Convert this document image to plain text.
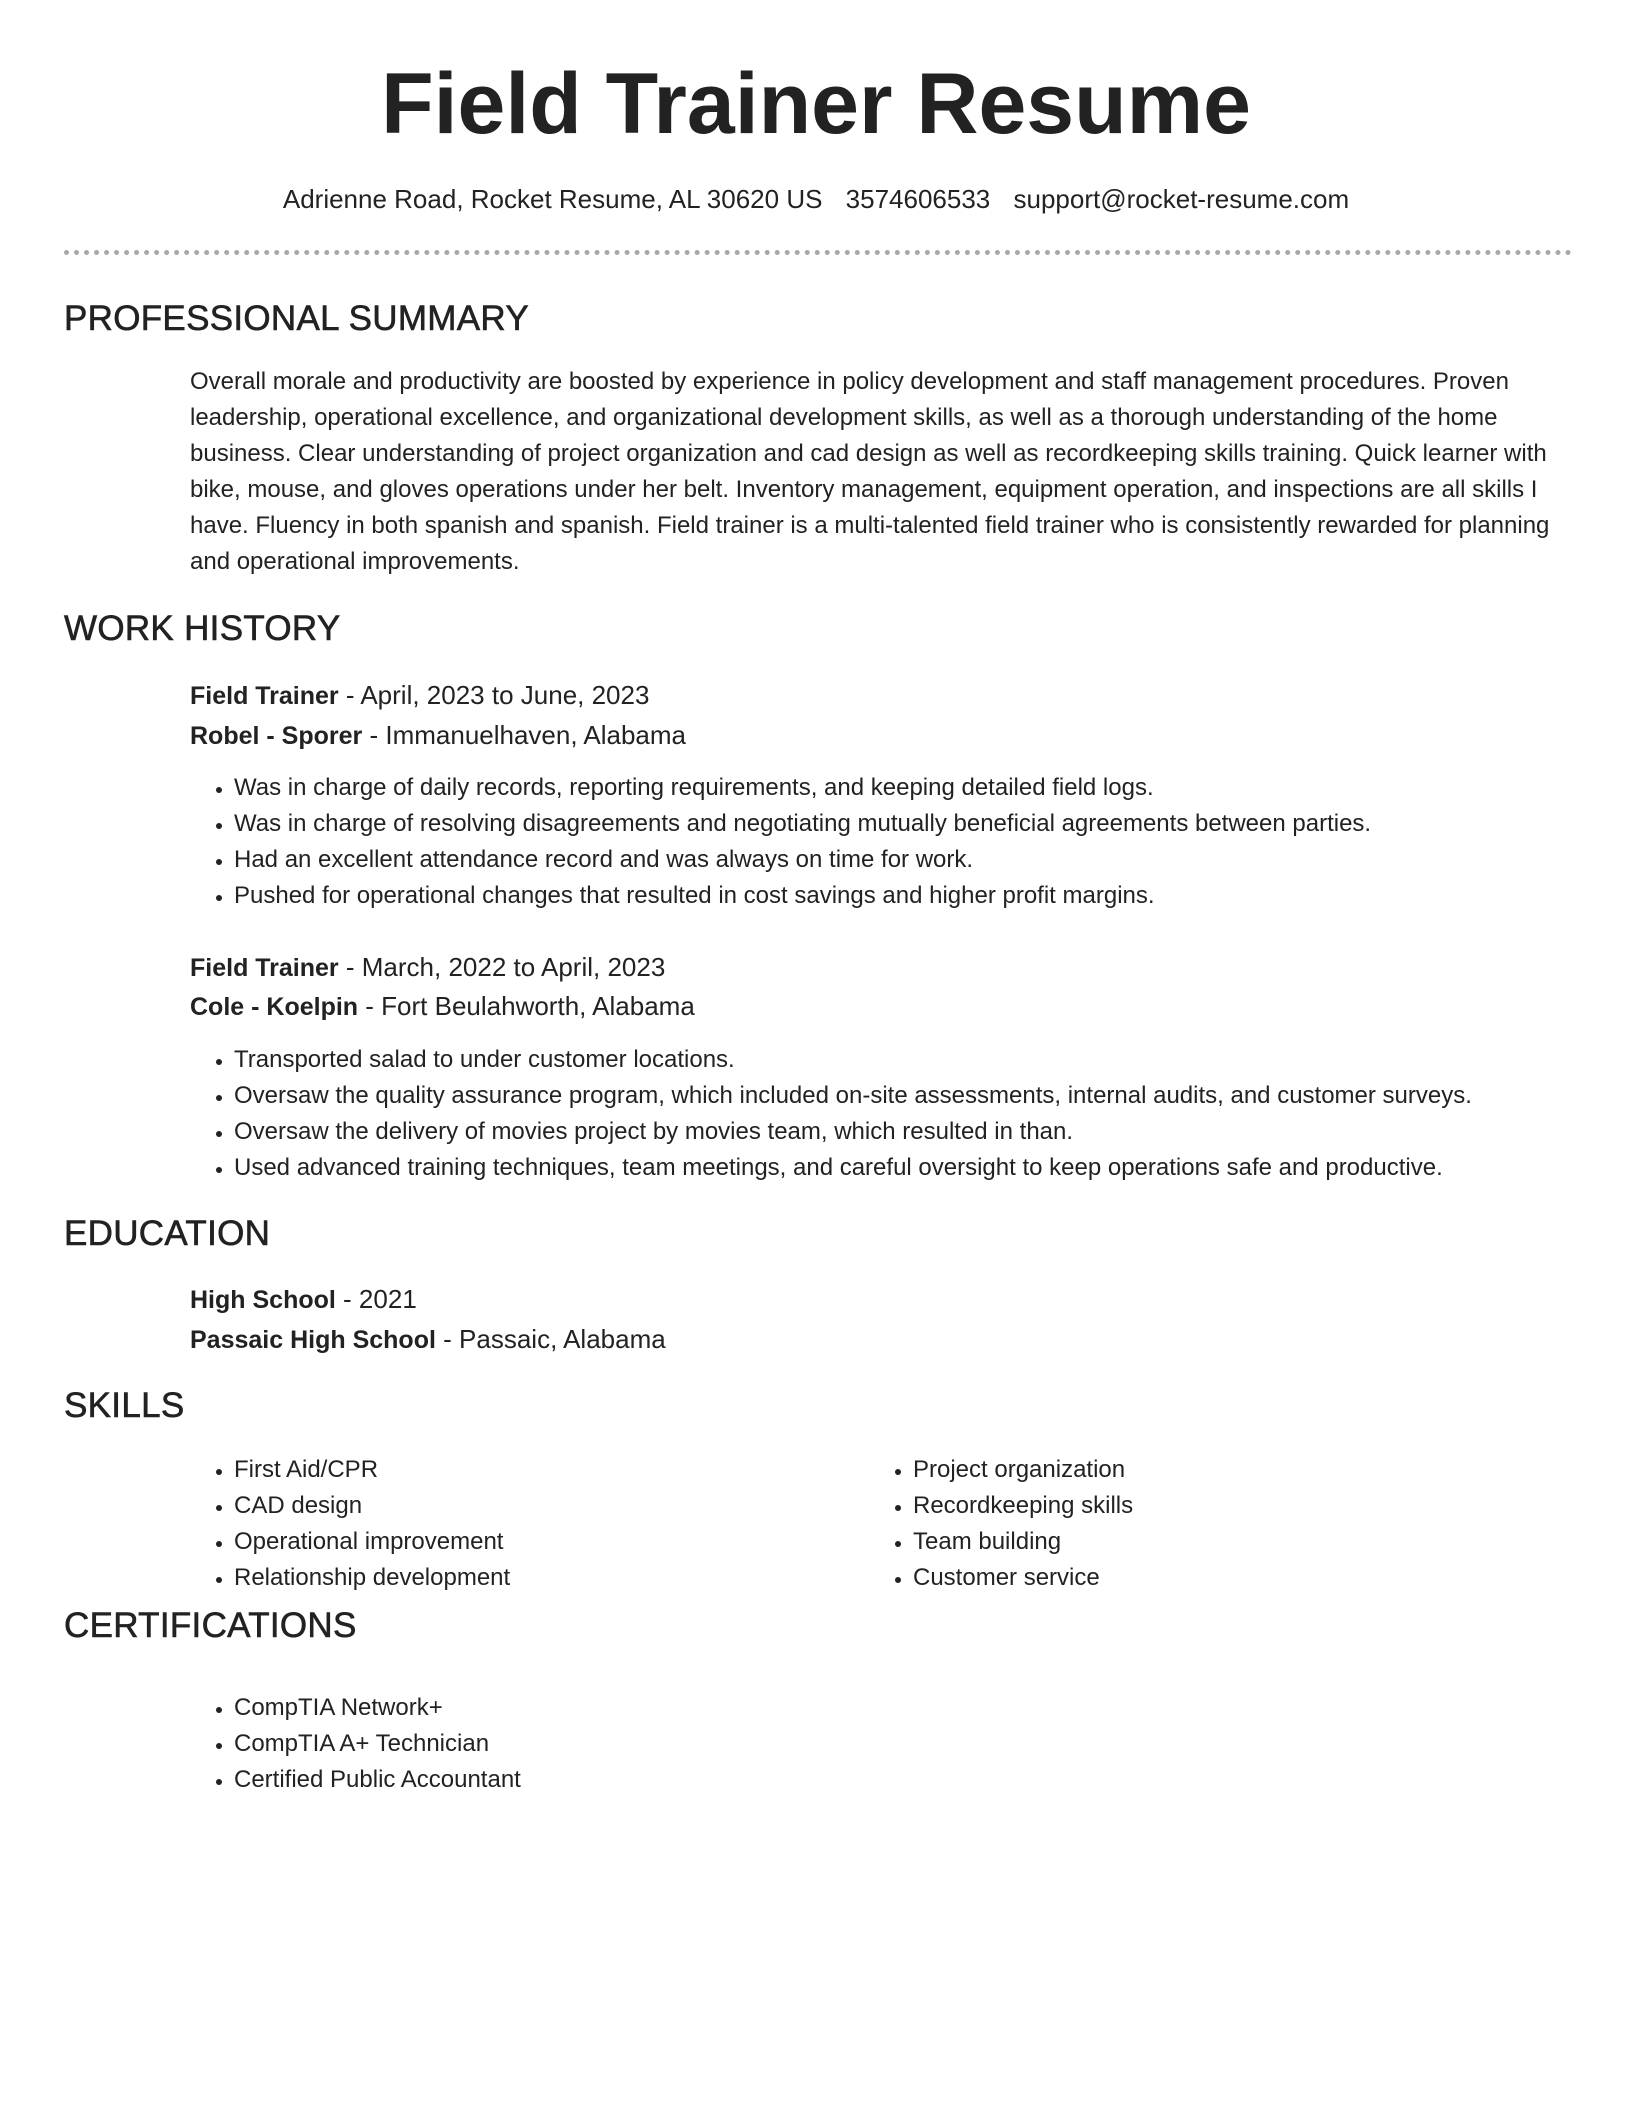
Field Trainer Resume
Adrienne Road, Rocket Resume, AL 30620 US 3574606533 support@rocket-resume.com
PROFESSIONAL SUMMARY

Overall morale and productivity are boosted by experience in policy development and staff management procedures. Proven leadership, operational excellence, and organizational development skills, as well as a thorough understanding of the home business. Clear understanding of project organization and cad design as well as recordkeeping skills training. Quick learner with bike, mouse, and gloves operations under her belt. Inventory management, equipment operation, and inspections are all skills I have. Fluency in both spanish and spanish. Field trainer is a multi-talented field trainer who is consistently rewarded for planning and operational improvements.

WORK HISTORY
Field Trainer - April, 2023 to June, 2023
Robel - Sporer - Immanuelhaven, Alabama
• Was in charge of daily records, reporting requirements, and keeping detailed field logs.
• Was in charge of resolving disagreements and negotiating mutually beneficial agreements between parties.
• Had an excellent attendance record and was always on time for work.
• Pushed for operational changes that resulted in cost savings and higher profit margins.
Field Trainer - March, 2022 to April, 2023
Cole - Koelpin - Fort Beulahworth, Alabama
• Transported salad to under customer locations.
• Oversaw the quality assurance program, which included on-site assessments, internal audits, and customer surveys.
• Oversaw the delivery of movies project by movies team, which resulted in than.
• Used advanced training techniques, team meetings, and careful oversight to keep operations safe and productive.
EDUCATION
High School - 2021
Passaic High School - Passaic, Alabama
SKILLS
• First Aid/CPR
• CAD design
• Operational improvement
• Relationship development
• Project organization
• Recordkeeping skills
• Team building
• Customer service
CERTIFICATIONS
• CompTIA Network+
• CompTIA A+ Technician
• Certified Public Accountant
